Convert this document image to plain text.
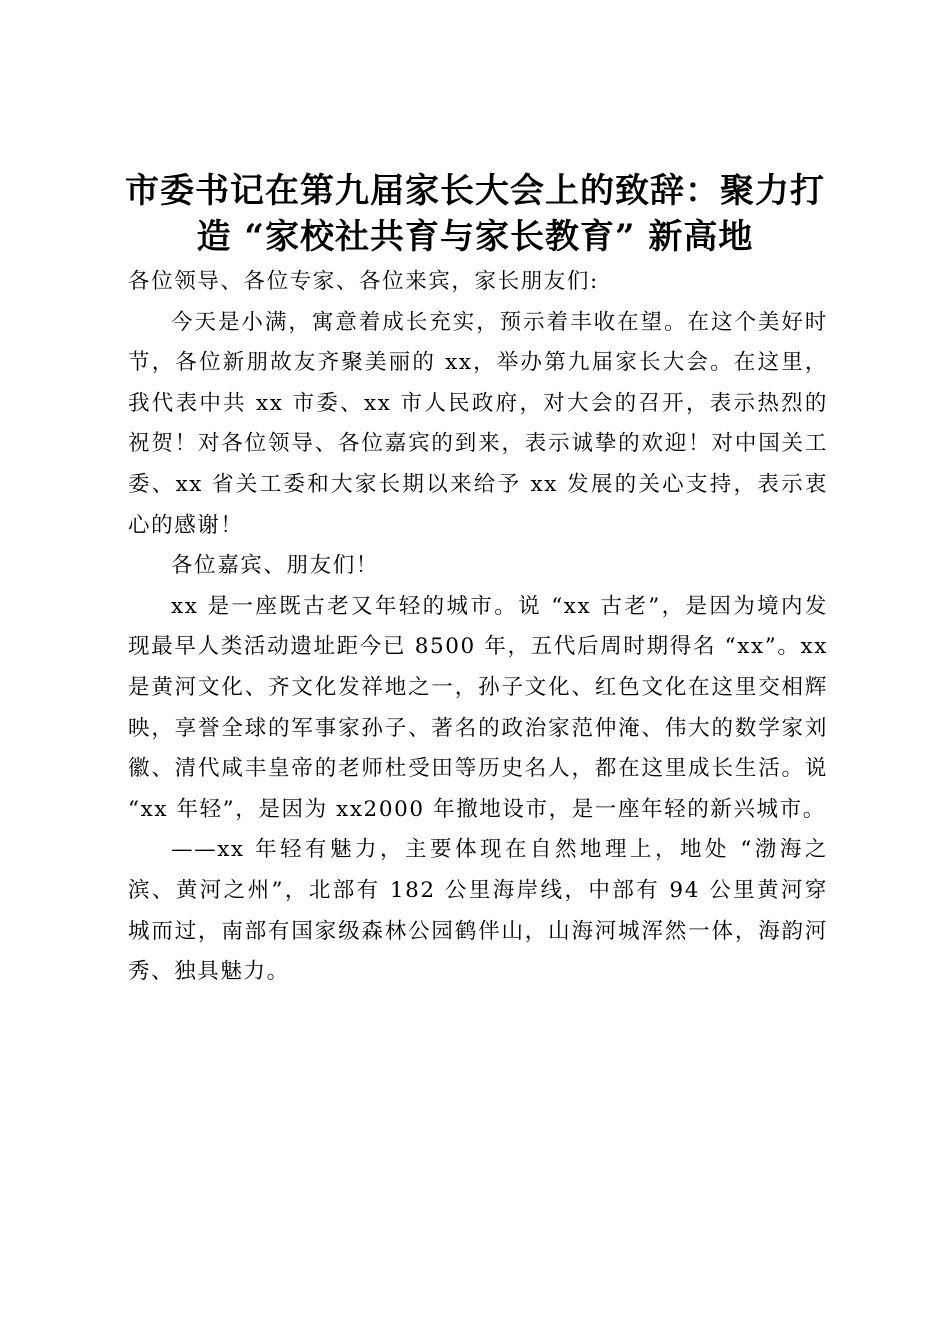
市委书记在第九届家长大会上的致辞：聚力打
造 “家校社共育与家长教育” 新高地

各位领导、各位专家、各位来宾，家长朋友们:

今天是小满，寓意着成长充实，预示着丰收在望。在这个美好时节，各位新朋故友齐聚美丽的 xx，举办第九届家长大会。在这里，我代表中共 xx 市委、xx 市人民政府，对大会的召开，表示热烈的祝贺！对各位领导、各位嘉宾的到来，表示诚挚的欢迎！对中国关工委、xx 省关工委和大家长期以来给予 xx 发展的关心支持，表示衷心的感谢！

各位嘉宾、朋友们！

xx 是一座既古老又年轻的城市。说 “xx 古老”，是因为境内发现最早人类活动遗址距今已 8500 年，五代后周时期得名 “xx”。xx 是黄河文化、齐文化发祥地之一，孙子文化、红色文化在这里交相辉映，享誉全球的军事家孙子、著名的政治家范仲淹、伟大的数学家刘徽、清代咸丰皇帝的老师杜受田等历史名人，都在这里成长生活。说 “xx 年轻”，是因为 xx2000 年撤地设市，是一座年轻的新兴城市。

——xx 年轻有魅力，主要体现在自然地理上，地处 “渤海之滨、黄河之州”，北部有 182 公里海岸线，中部有 94 公里黄河穿城而过，南部有国家级森林公园鹤伴山，山海河城浑然一体，海韵河秀、独具魅力。
